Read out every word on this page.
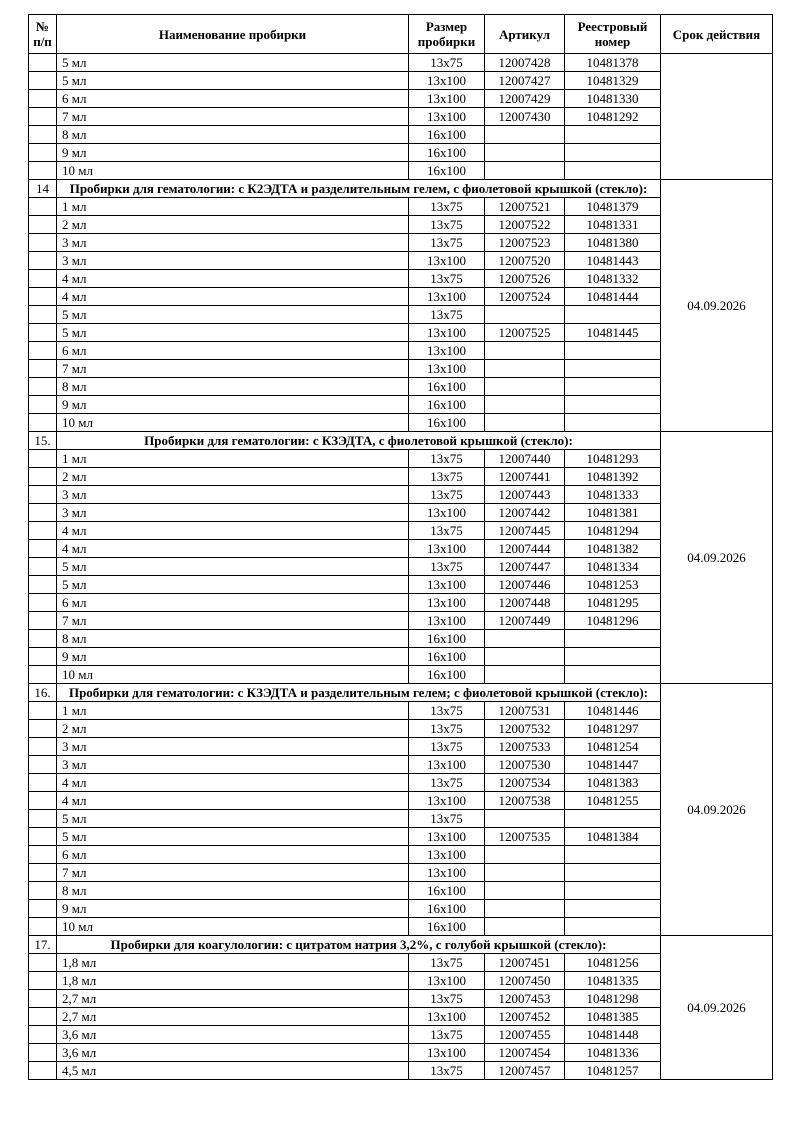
№ п/п	Наименование пробирки	Размер пробирки	Артикул	Реестровый номер	Срок действия
	5 мл	13x75	12007428	10481378	
	5 мл	13x100	12007427	10481329	
	6 мл	13x100	12007429	10481330	
	7 мл	13x100	12007430	10481292	
	8 мл	16x100			
	9 мл	16x100			
	10 мл	16x100			
14	Пробирки для гематологии: с К2ЭДТА и разделительным гелем, с фиолетовой крышкой (стекло):				04.09.2026
	1 мл	13x75	12007521	10481379	
	2 мл	13x75	12007522	10481331	
	3 мл	13x75	12007523	10481380	
	3 мл	13x100	12007520	10481443	
	4 мл	13x75	12007526	10481332	
	4 мл	13x100	12007524	10481444	
	5 мл	13x75			
	5 мл	13x100	12007525	10481445	
	6 мл	13x100			
	7 мл	13x100			
	8 мл	16x100			
	9 мл	16x100			
	10 мл	16x100			
15.	Пробирки для гематологии: с КЗЭДТА, с фиолетовой крышкой (стекло):				04.09.2026
	1 мл	13x75	12007440	10481293	
	2 мл	13x75	12007441	10481392	
	3 мл	13x75	12007443	10481333	
	3 мл	13x100	12007442	10481381	
	4 мл	13x75	12007445	10481294	
	4 мл	13x100	12007444	10481382	
	5 мл	13x75	12007447	10481334	
	5 мл	13x100	12007446	10481253	
	6 мл	13x100	12007448	10481295	
	7 мл	13x100	12007449	10481296	
	8 мл	16x100			
	9 мл	16x100			
	10 мл	16x100			
16.	Пробирки для гематологии: с КЗЭДТА и разделительным гелем; с фиолетовой крышкой (стекло):				04.09.2026
	1 мл	13x75	12007531	10481446	
	2 мл	13x75	12007532	10481297	
	3 мл	13x75	12007533	10481254	
	3 мл	13x100	12007530	10481447	
	4 мл	13x75	12007534	10481383	
	4 мл	13x100	12007538	10481255	
	5 мл	13x75			
	5 мл	13x100	12007535	10481384	
	6 мл	13x100			
	7 мл	13x100			
	8 мл	16x100			
	9 мл	16x100			
	10 мл	16x100			
17.	Пробирки для коагулологии: с цитратом натрия 3,2%, с голубой крышкой (стекло):				04.09.2026
	1,8 мл	13x75	12007451	10481256	
	1,8 мл	13x100	12007450	10481335	
	2,7 мл	13x75	12007453	10481298	
	2,7 мл	13x100	12007452	10481385	
	3,6 мл	13x75	12007455	10481448	
	3,6 мл	13x100	12007454	10481336	
	4,5 мл	13x75	12007457	10481257	
